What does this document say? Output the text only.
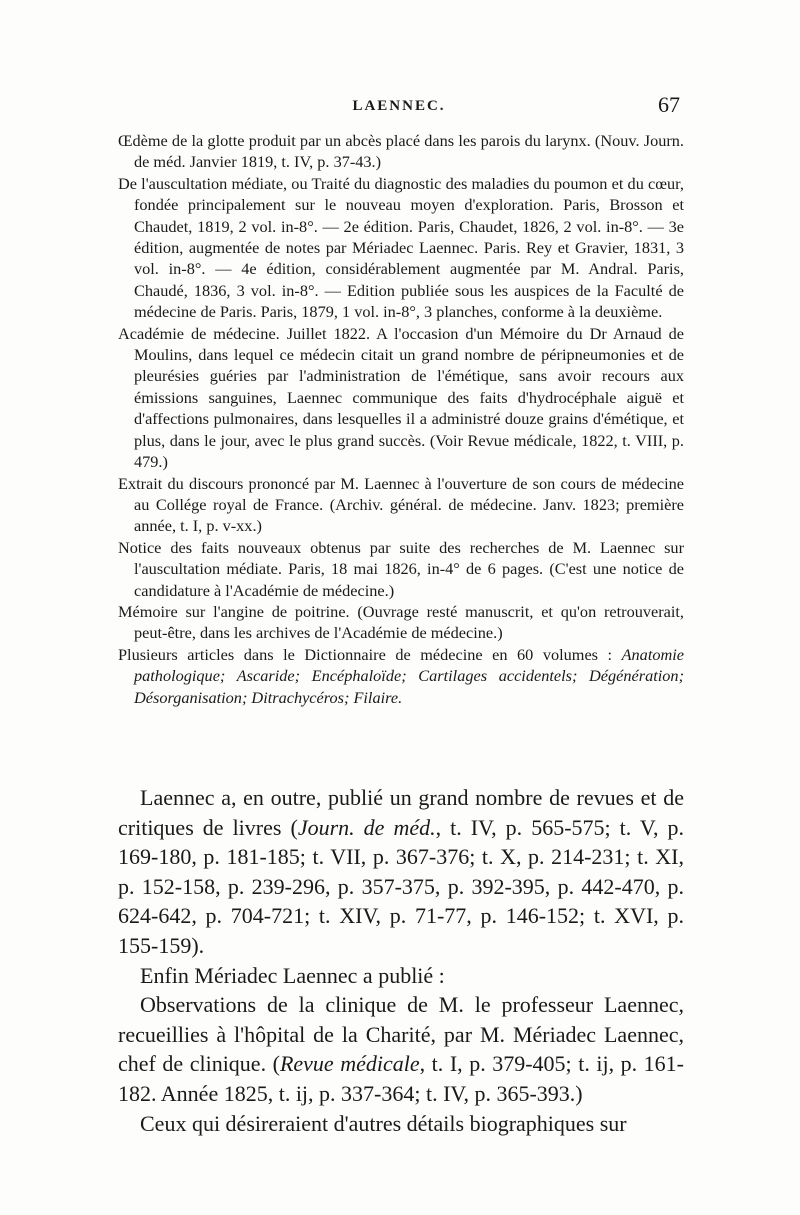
LAENNEC.	67

Œdème de la glotte produit par un abcès placé dans les parois du larynx. (Nouv. Journ. de méd. Janvier 1819, t. IV, p. 37-43.)

De l'auscultation médiate, ou Traité du diagnostic des maladies du poumon et du cœur, fondée principalement sur le nouveau moyen d'exploration. Paris, Brosson et Chaudet, 1819, 2 vol. in-8°. — 2e édition. Paris, Chaudet, 1826, 2 vol. in-8°. — 3e édition, augmentée de notes par Mériadec Laennec. Paris. Rey et Gravier, 1831, 3 vol. in-8°. — 4e édition, considérablement augmentée par M. Andral. Paris, Chaudé, 1836, 3 vol. in-8°. — Edition publiée sous les auspices de la Faculté de médecine de Paris. Paris, 1879, 1 vol. in-8°, 3 planches, conforme à la deuxième.

Académie de médecine. Juillet 1822. A l'occasion d'un Mémoire du Dr Arnaud de Moulins, dans lequel ce médecin citait un grand nombre de péripneumonies et de pleurésies guéries par l'administration de l'émétique, sans avoir recours aux émissions sanguines, Laennec communique des faits d'hydrocéphale aiguë et d'affections pulmonaires, dans lesquelles il a administré douze grains d'émétique, et plus, dans le jour, avec le plus grand succès. (Voir Revue médicale, 1822, t. VIII, p. 479.)

Extrait du discours prononcé par M. Laennec à l'ouverture de son cours de médecine au Collége royal de France. (Archiv. général. de médecine. Janv. 1823; première année, t. I, p. v-xx.)

Notice des faits nouveaux obtenus par suite des recherches de M. Laennec sur l'auscultation médiate. Paris, 18 mai 1826, in-4° de 6 pages. (C'est une notice de candidature à l'Académie de médecine.)

Mémoire sur l'angine de poitrine. (Ouvrage resté manuscrit, et qu'on retrouverait, peut-être, dans les archives de l'Académie de médecine.)

Plusieurs articles dans le Dictionnaire de médecine en 60 volumes : Anatomie pathologique; Ascaride; Encéphaloïde; Cartilages accidentels; Dégénération; Désorganisation; Ditrachycéros; Filaire.

Laennec a, en outre, publié un grand nombre de revues et de critiques de livres (Journ. de méd., t. IV, p. 565-575; t. V, p. 169-180, p. 181-185; t. VII, p. 367-376; t. X, p. 214-231; t. XI, p. 152-158, p. 239-296, p. 357-375, p. 392-395, p. 442-470, p. 624-642, p. 704-721; t. XIV, p. 71-77, p. 146-152; t. XVI, p. 155-159).

Enfin Mériadec Laennec a publié :

Observations de la clinique de M. le professeur Laennec, recueillies à l'hôpital de la Charité, par M. Mériadec Laennec, chef de clinique. (Revue médicale, t. I, p. 379-405; t. ij, p. 161-182. Année 1825, t. ij, p. 337-364; t. IV, p. 365-393.)

Ceux qui désireraient d'autres détails biographiques sur
